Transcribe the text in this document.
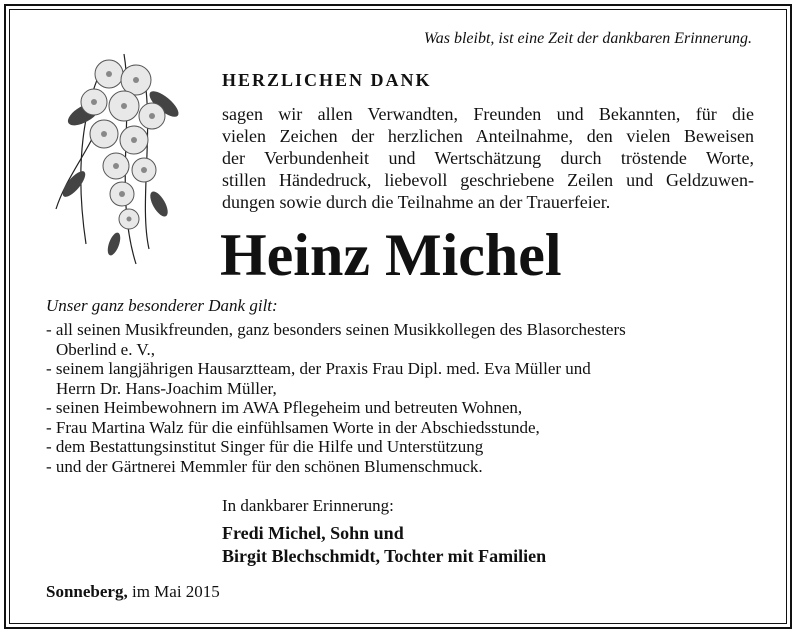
Was bleibt, ist eine Zeit der dankbaren Erinnerung.
HERZLICHEN DANK
sagen wir allen Verwandten, Freunden und Bekannten, für die
vielen Zeichen der herzlichen Anteilnahme, den vielen Beweisen
der Verbundenheit und Wertschätzung durch tröstende Worte,
stillen Händedruck, liebevoll geschriebene Zeilen und Geldzuwen-
dungen sowie durch die Teilnahme an der Trauerfeier.
Heinz Michel
Unser ganz besonderer Dank gilt:
- all seinen Musikfreunden, ganz besonders seinen Musikkollegen des Blasorchesters
Oberlind e. V.,
- seinem langjährigen Hausarztteam, der Praxis Frau Dipl. med. Eva Müller und
Herrn Dr. Hans-Joachim Müller,
- seinen Heimbewohnern im AWA Pflegeheim und betreuten Wohnen,
- Frau Martina Walz für die einfühlsamen Worte in der Abschiedsstunde,
- dem Bestattungsinstitut Singer für die Hilfe und Unterstützung
- und der Gärtnerei Memmler für den schönen Blumenschmuck.
In dankbarer Erinnerung:
Fredi Michel, Sohn und
Birgit Blechschmidt, Tochter mit Familien
Sonneberg, im Mai 2015
